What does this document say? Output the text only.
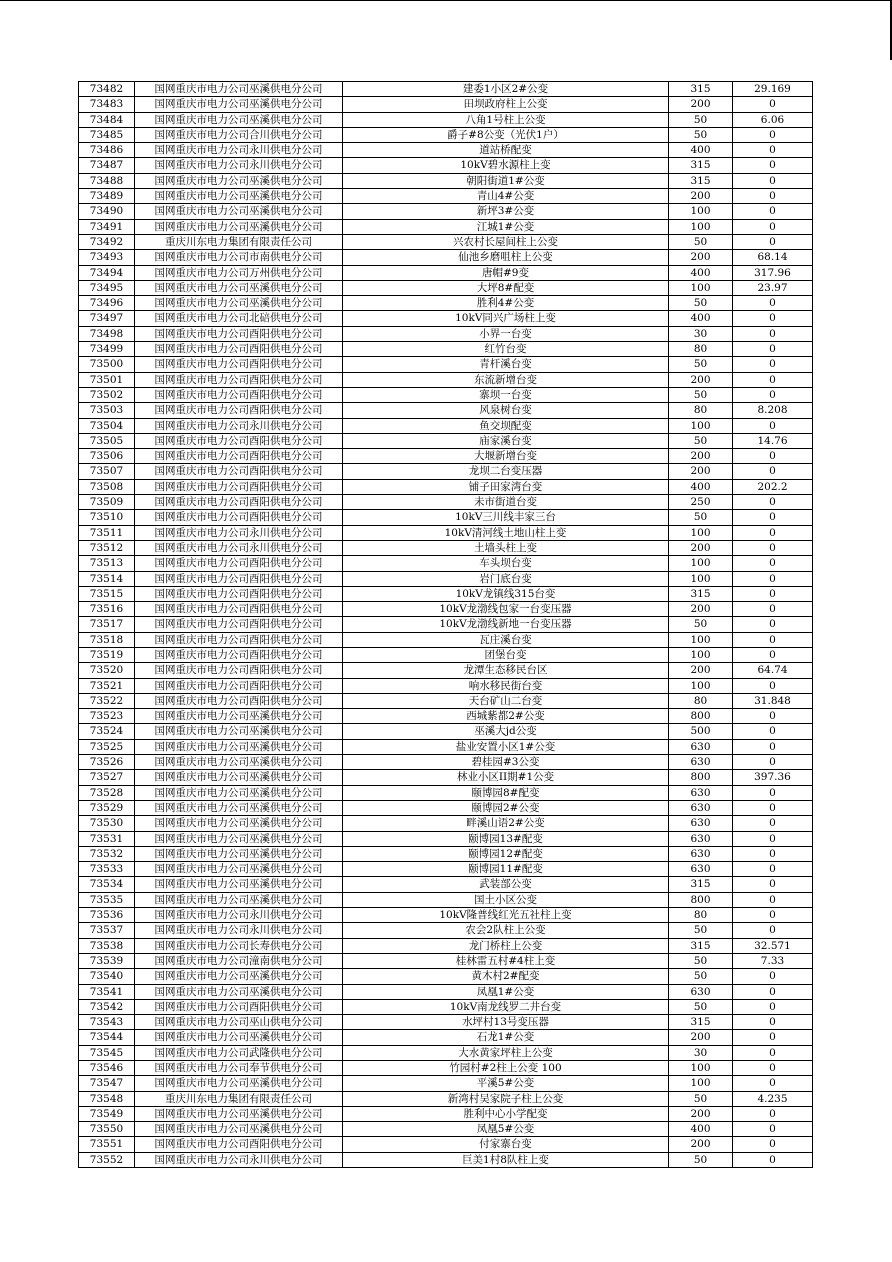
73482	国网重庆市电力公司巫溪供电分公司	建委1小区2#公变	315	29.169
73483	国网重庆市电力公司巫溪供电分公司	田坝政府柱上公变	200	0
73484	国网重庆市电力公司巫溪供电分公司	八角1号柱上公变	50	6.06
73485	国网重庆市电力公司合川供电分公司	爵子#8公变（光伏1户）	50	0
73486	国网重庆市电力公司永川供电分公司	道站桥配变	400	0
73487	国网重庆市电力公司永川供电分公司	10kV碧水源柱上变	315	0
73488	国网重庆市电力公司巫溪供电分公司	朝阳街道1#公变	315	0
73489	国网重庆市电力公司巫溪供电分公司	青山4#公变	200	0
73490	国网重庆市电力公司巫溪供电分公司	新坪3#公变	100	0
73491	国网重庆市电力公司巫溪供电分公司	江城1#公变	100	0
73492	重庆川东电力集团有限责任公司	兴农村长屋间柱上公变	50	0
73493	国网重庆市电力公司市南供电分公司	仙池乡磨咀柱上公变	200	68.14
73494	国网重庆市电力公司万州供电分公司	唐帽#9变	400	317.96
73495	国网重庆市电力公司巫溪供电分公司	大坪8#配变	100	23.97
73496	国网重庆市电力公司巫溪供电分公司	胜利4#公变	50	0
73497	国网重庆市电力公司北碚供电分公司	10kV同兴广场柱上变	400	0
73498	国网重庆市电力公司酉阳供电分公司	小界一台变	30	0
73499	国网重庆市电力公司酉阳供电分公司	红竹台变	80	0
73500	国网重庆市电力公司酉阳供电分公司	青杆溪台变	50	0
73501	国网重庆市电力公司酉阳供电分公司	东流新增台变	200	0
73502	国网重庆市电力公司酉阳供电分公司	寨坝一台变	50	0
73503	国网重庆市电力公司酉阳供电分公司	风泉树台变	80	8.208
73504	国网重庆市电力公司永川供电分公司	鱼交坝配变	100	0
73505	国网重庆市电力公司酉阳供电分公司	庙家溪台变	50	14.76
73506	国网重庆市电力公司酉阳供电分公司	大堰新增台变	200	0
73507	国网重庆市电力公司酉阳供电分公司	龙坝二台变压器	200	0
73508	国网重庆市电力公司酉阳供电分公司	铺子田家湾台变	400	202.2
73509	国网重庆市电力公司酉阳供电分公司	未市街道台变	250	0
73510	国网重庆市电力公司酉阳供电分公司	10kV三川线丰家三台	50	0
73511	国网重庆市电力公司永川供电分公司	10kV清河线土地山柱上变	100	0
73512	国网重庆市电力公司永川供电分公司	土墙头柱上变	200	0
73513	国网重庆市电力公司酉阳供电分公司	车头坝台变	100	0
73514	国网重庆市电力公司酉阳供电分公司	岩门底台变	100	0
73515	国网重庆市电力公司酉阳供电分公司	10kV龙镇线315台变	315	0
73516	国网重庆市电力公司酉阳供电分公司	10kV龙渤线包家一台变压器	200	0
73517	国网重庆市电力公司酉阳供电分公司	10kV龙渤线新地一台变压器	50	0
73518	国网重庆市电力公司酉阳供电分公司	瓦庄溪台变	100	0
73519	国网重庆市电力公司酉阳供电分公司	团堡台变	100	0
73520	国网重庆市电力公司酉阳供电分公司	龙潭生态移民台区	200	64.74
73521	国网重庆市电力公司酉阳供电分公司	响水移民街台变	100	0
73522	国网重庆市电力公司酉阳供电分公司	天台矿山二台变	80	31.848
73523	国网重庆市电力公司巫溪供电分公司	西城紫都2#公变	800	0
73524	国网重庆市电力公司巫溪供电分公司	巫溪大jd公变	500	0
73525	国网重庆市电力公司巫溪供电分公司	盐业安置小区1#公变	630	0
73526	国网重庆市电力公司巫溪供电分公司	碧桂园#3公变	630	0
73527	国网重庆市电力公司巫溪供电分公司	林业小区II期#1公变	800	397.36
73528	国网重庆市电力公司巫溪供电分公司	颐博园8#配变	630	0
73529	国网重庆市电力公司巫溪供电分公司	颐博园2#公变	630	0
73530	国网重庆市电力公司巫溪供电分公司	畔溪山语2#公变	630	0
73531	国网重庆市电力公司巫溪供电分公司	颐博园13#配变	630	0
73532	国网重庆市电力公司巫溪供电分公司	颐博园12#配变	630	0
73533	国网重庆市电力公司巫溪供电分公司	颐博园11#配变	630	0
73534	国网重庆市电力公司巫溪供电分公司	武装部公变	315	0
73535	国网重庆市电力公司巫溪供电分公司	国土小区公变	800	0
73536	国网重庆市电力公司永川供电分公司	10kV隆普线红光五社柱上变	80	0
73537	国网重庆市电力公司永川供电分公司	农会2队柱上公变	50	0
73538	国网重庆市电力公司长寿供电分公司	龙门桥柱上公变	315	32.571
73539	国网重庆市电力公司潼南供电分公司	桂林雷五村#4柱上变	50	7.33
73540	国网重庆市电力公司巫溪供电分公司	黄木村2#配变	50	0
73541	国网重庆市电力公司巫溪供电分公司	凤凰1#公变	630	0
73542	国网重庆市电力公司酉阳供电分公司	10kV南龙线罗二井台变	50	0
73543	国网重庆市电力公司巫山供电分公司	水坪村13号变压器	315	0
73544	国网重庆市电力公司巫溪供电分公司	石龙1#公变	200	0
73545	国网重庆市电力公司武隆供电分公司	大水黄家坪柱上公变	30	0
73546	国网重庆市电力公司奉节供电分公司	竹园村#2柱上公变 100	100	0
73547	国网重庆市电力公司巫溪供电分公司	平溪5#公变	100	0
73548	重庆川东电力集团有限责任公司	新湾村吴家院子柱上公变	50	4.235
73549	国网重庆市电力公司巫溪供电分公司	胜利中心小学配变	200	0
73550	国网重庆市电力公司巫溪供电分公司	凤凰5#公变	400	0
73551	国网重庆市电力公司酉阳供电分公司	付家寨台变	200	0
73552	国网重庆市电力公司永川供电分公司	巨美1村8队柱上变	50	0
